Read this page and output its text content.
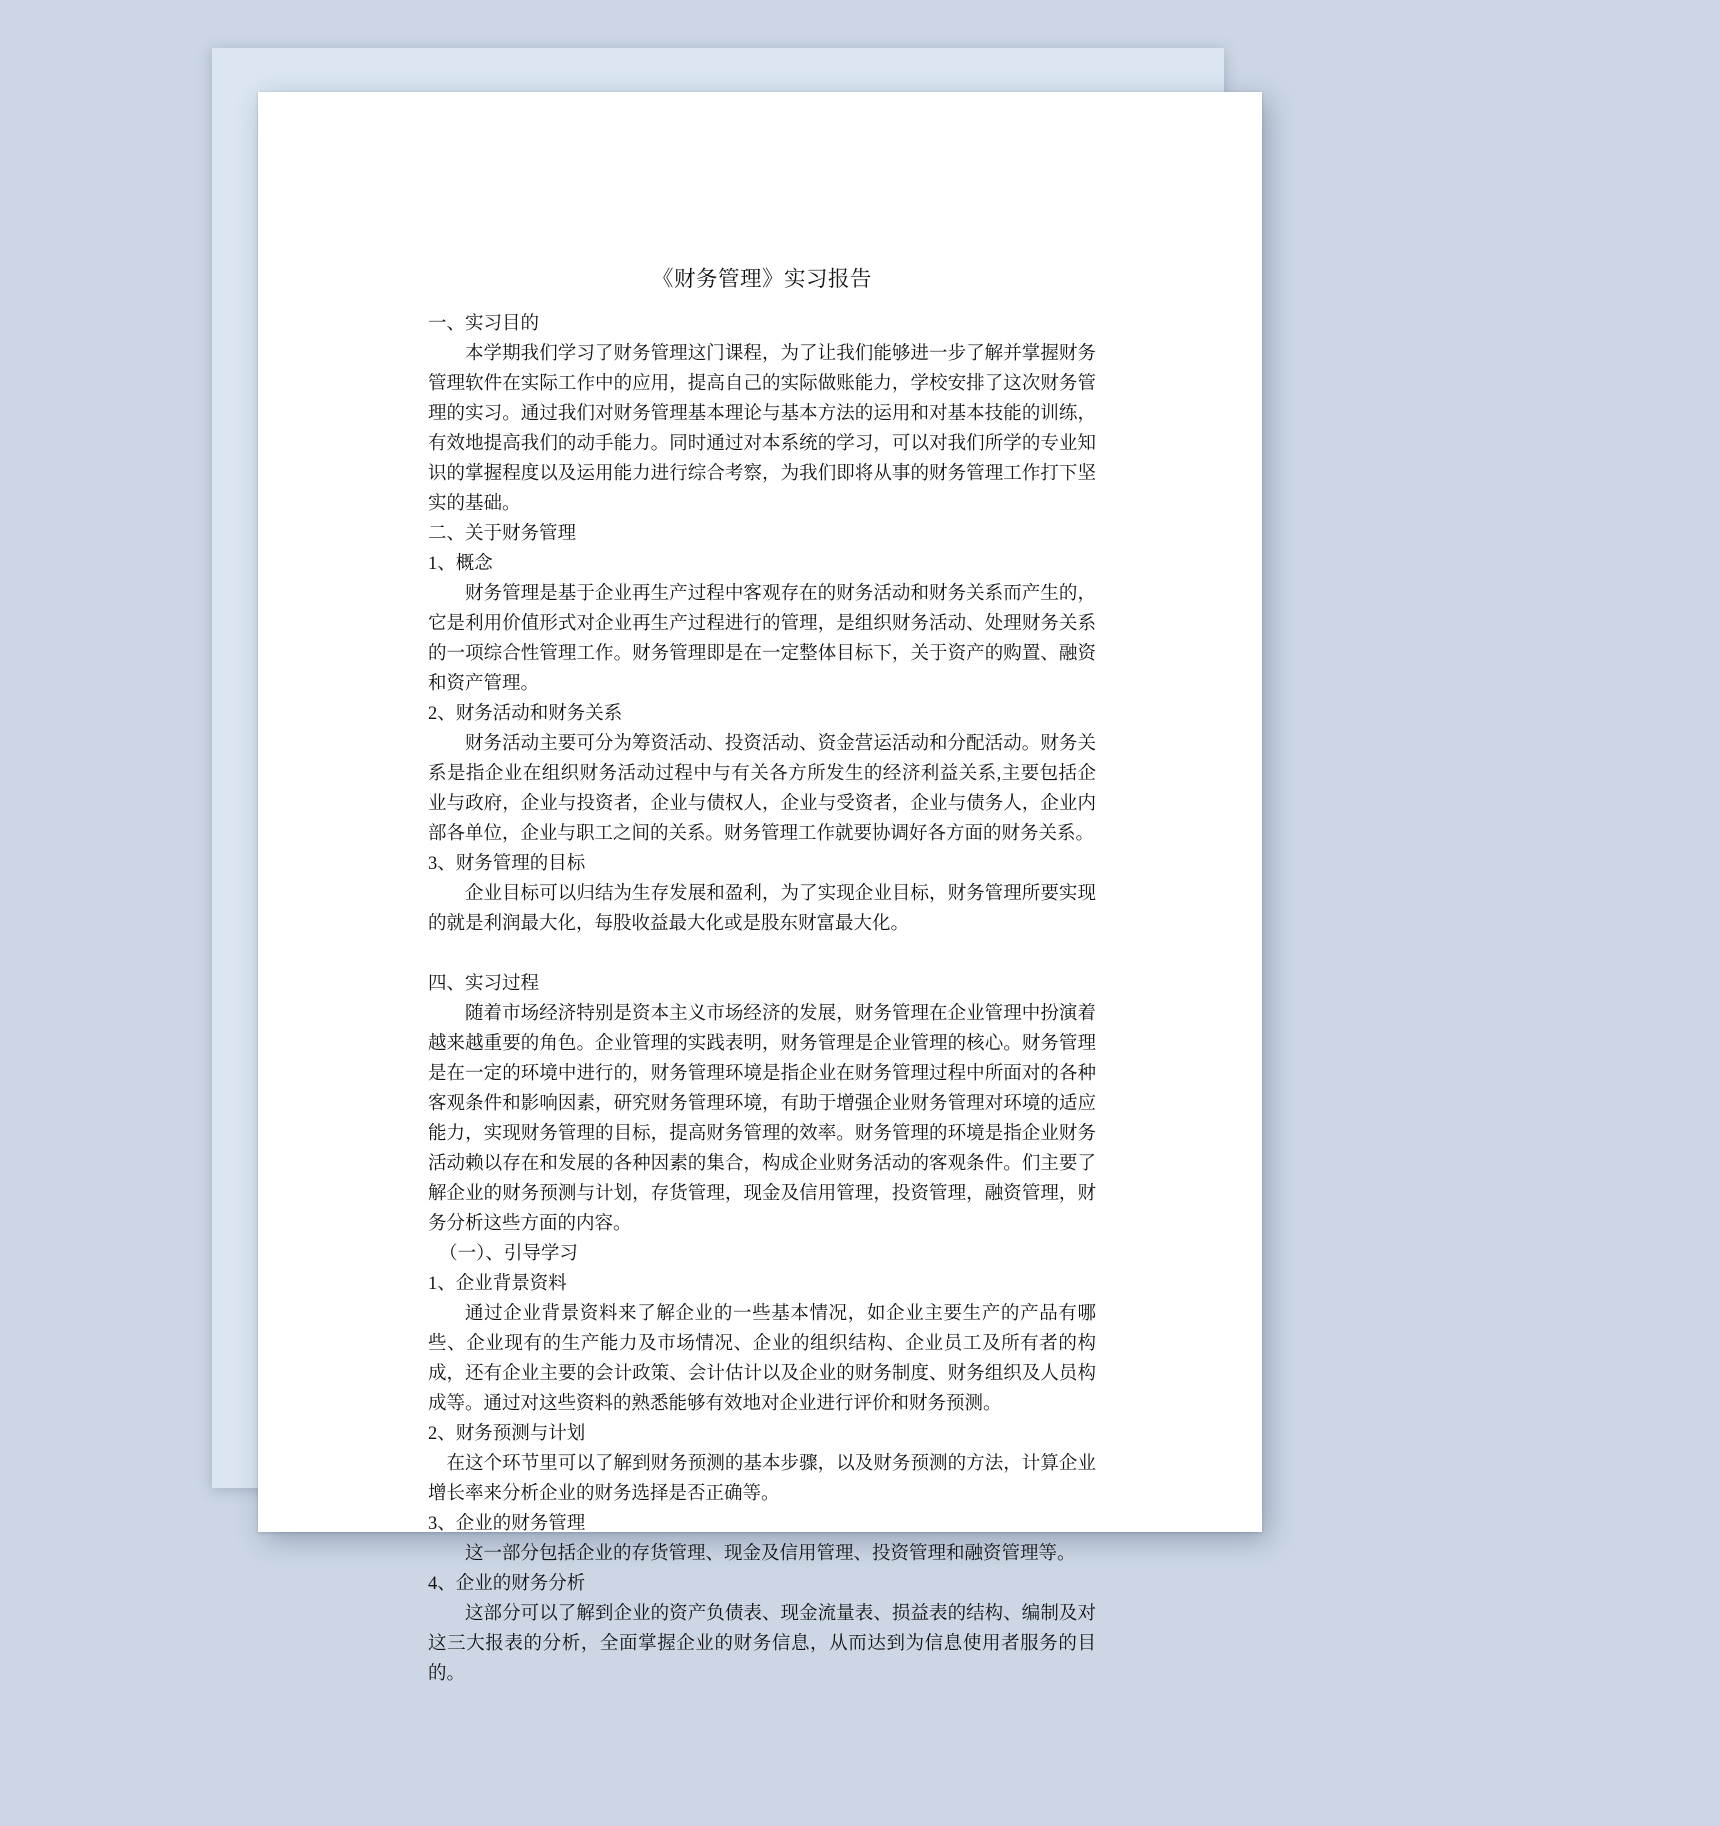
《财务管理》实习报告
一、实习目的
本学期我们学习了财务管理这门课程，为了让我们能够进一步了解并掌握财务管理软件在实际工作中的应用，提高自己的实际做账能力，学校安排了这次财务管理的实习。通过我们对财务管理基本理论与基本方法的运用和对基本技能的训练，有效地提高我们的动手能力。同时通过对本系统的学习，可以对我们所学的专业知识的掌握程度以及运用能力进行综合考察，为我们即将从事的财务管理工作打下坚实的基础。
二、关于财务管理
1、概念
财务管理是基于企业再生产过程中客观存在的财务活动和财务关系而产生的，它是利用价值形式对企业再生产过程进行的管理，是组织财务活动、处理财务关系的一项综合性管理工作。财务管理即是在一定整体目标下，关于资产的购置、融资和资产管理。
2、财务活动和财务关系
财务活动主要可分为筹资活动、投资活动、资金营运活动和分配活动。财务关系是指企业在组织财务活动过程中与有关各方所发生的经济利益关系,主要包括企业与政府，企业与投资者，企业与债权人，企业与受资者，企业与债务人，企业内部各单位，企业与职工之间的关系。财务管理工作就要协调好各方面的财务关系。
3、财务管理的目标
企业目标可以归结为生存发展和盈利，为了实现企业目标，财务管理所要实现的就是利润最大化，每股收益最大化或是股东财富最大化。
四、实习过程
随着市场经济特别是资本主义市场经济的发展，财务管理在企业管理中扮演着越来越重要的角色。企业管理的实践表明，财务管理是企业管理的核心。财务管理是在一定的环境中进行的，财务管理环境是指企业在财务管理过程中所面对的各种客观条件和影响因素，研究财务管理环境，有助于增强企业财务管理对环境的适应能力，实现财务管理的目标，提高财务管理的效率。财务管理的环境是指企业财务活动赖以存在和发展的各种因素的集合，构成企业财务活动的客观条件。们主要了解企业的财务预测与计划，存货管理，现金及信用管理，投资管理，融资管理，财务分析这些方面的内容。
（一）、引导学习
1、企业背景资料
通过企业背景资料来了解企业的一些基本情况，如企业主要生产的产品有哪些、企业现有的生产能力及市场情况、企业的组织结构、企业员工及所有者的构成，还有企业主要的会计政策、会计估计以及企业的财务制度、财务组织及人员构成等。通过对这些资料的熟悉能够有效地对企业进行评价和财务预测。
2、财务预测与计划
在这个环节里可以了解到财务预测的基本步骤，以及财务预测的方法，计算企业增长率来分析企业的财务选择是否正确等。
3、企业的财务管理
这一部分包括企业的存货管理、现金及信用管理、投资管理和融资管理等。
4、企业的财务分析
这部分可以了解到企业的资产负债表、现金流量表、损益表的结构、编制及对这三大报表的分析，全面掌握企业的财务信息，从而达到为信息使用者服务的目的。
